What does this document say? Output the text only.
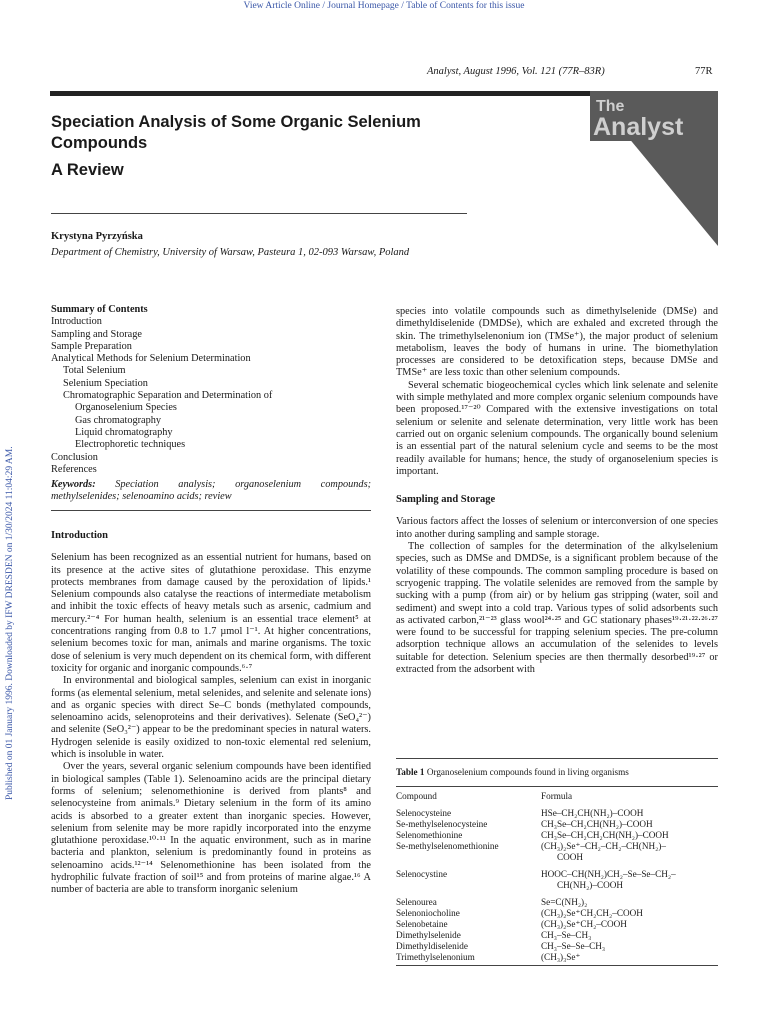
View Article Online / Journal Homepage / Table of Contents for this issue
Analyst, August 1996, Vol. 121 (77R–83R)	77R
The
Analyst
Speciation Analysis of Some Organic Selenium Compounds
A Review
Krystyna Pyrzyńska
Department of Chemistry, University of Warsaw, Pasteura 1, 02-093 Warsaw, Poland
Published on 01 January 1996. Downloaded by IFW DRESDEN on 1/30/2024 11:04:29 AM.
Summary of Contents
Introduction
Sampling and Storage
Sample Preparation
Analytical Methods for Selenium Determination
Total Selenium
Selenium Speciation
Chromatographic Separation and Determination of
Organoselenium Species
Gas chromatography
Liquid chromatography
Electrophoretic techniques
Conclusion
References
Keywords: Speciation analysis; organoselenium compounds; methylselenides; selenoamino acids; review
Introduction

Selenium has been recognized as an essential nutrient for humans, based on its presence at the active sites of glutathione peroxidase. This enzyme protects membranes from damage caused by the peroxidation of lipids.¹ Selenium compounds also catalyse the reactions of intermediate metabolism and inhibit the toxic effects of heavy metals such as arsenic, cadmium and mercury.²⁻⁴ For human health, selenium is an essential trace element⁵ at concentrations ranging from 0.8 to 1.7 µmol l⁻¹. At higher concentrations, selenium becomes toxic for man, animals and marine organisms. The toxic dose of selenium is very much dependent on its chemical form, with different toxicity for organic and inorganic compounds.⁶·⁷

In environmental and biological samples, selenium can exist in inorganic forms (as elemental selenium, metal selenides, and selenite and selenate ions) and as organic species with direct Se–C bonds (methylated compounds, selenoamino acids, selenoproteins and their derivatives). Selenate (SeO₄²⁻) and selenite (SeO₃²⁻) appear to be the predominant species in natural waters. Hydrogen selenide is easily oxidized to non-toxic elemental red selenium, which is insoluble in water.

Over the years, several organic selenium compounds have been identified in biological samples (Table 1). Selenoamino acids are the principal dietary forms of selenium; selenomethionine is derived from plants⁸ and selenocysteine from animals.⁹ Dietary selenium in the form of its amino acids is absorbed to a greater extent than inorganic species. However, selenium from selenite may be more rapidly incorporated into the enzyme glutathione peroxidase.¹⁰·¹¹ In the aquatic environment, such as in marine bacteria and plankton, selenium is predominantly found in proteins as selenoamino acids.¹²⁻¹⁴ Selenomethionine has been isolated from the hydrophilic fulvate fraction of soil¹⁵ and from proteins of marine algae.¹⁶ A number of bacteria are able to transform inorganic selenium

species into volatile compounds such as dimethylselenide (DMSe) and dimethyldiselenide (DMDSe), which are exhaled and excreted through the skin. The trimethylselenonium ion (TMSe⁺), the major product of selenium metabolism, leaves the body of humans in urine. The biomethylation processes are considered to be detoxification steps, because DMSe and TMSe⁺ are less toxic than other selenium compounds.

Several schematic biogeochemical cycles which link selenate and selenite with simple methylated and more complex organic selenium compounds have been proposed.¹⁷⁻²⁰ Compared with the extensive investigations on total selenium or selenite and selenate determination, very little work has been carried out on organic selenium compounds. The organically bound selenium is an essential part of the natural selenium cycle and seems to be the most readily available for humans; hence, the study of organoselenium species is important.

Sampling and Storage

Various factors affect the losses of selenium or interconversion of one species into another during sampling and sample storage.

The collection of samples for the determination of the alkylselenium species, such as DMSe and DMDSe, is a significant problem because of the volatility of these compounds. The common sampling procedure is based on scryogenic trapping. The volatile selenides are removed from the sample by sucking with a pump (from air) or by helium gas stripping (water, soil and sediment) and swept into a cold trap. Various types of solid adsorbents such as activated carbon,²¹⁻²³ glass wool²⁴·²⁵ and GC stationary phases¹⁹·²¹·²²·²⁶·²⁷ were found to be successful for trapping selenium species. The pre-column adsorption technique allows an accumulation of the selenides to levels suitable for detection. Selenium species are then thermally desorbed¹⁹·²⁷ or extracted from the adsorbent with

Table 1 Organoselenium compounds found in living organisms
Compound	Formula
Selenocysteine	HSe–CH₂CH(NH₂)–COOH
Se-methylselenocysteine	CH₃Se–CH₂CH(NH₂)–COOH
Selenomethionine	CH₃Se–CH₂CH₂CH(NH₂)–COOH
Se-methylselenomethionine	(CH₃)₂Se⁺–CH₂–CH₂–CH(NH₂)–
COOH
Selenocystine	HOOC–CH(NH₂)CH₂–Se–Se–CH₂–
CH(NH₂)–COOH
Selenourea	Se=C(NH₂)₂
Selenoniocholine	(CH₃)₂Se⁺CH₂CH₂–COOH
Selenobetaine	(CH₃)₂Se⁺CH₂–COOH
Dimethylselenide	CH₃–Se–CH₃
Dimethyldiselenide	CH₃–Se–Se–CH₃
Trimethylselenonium	(CH₃)₃Se⁺
